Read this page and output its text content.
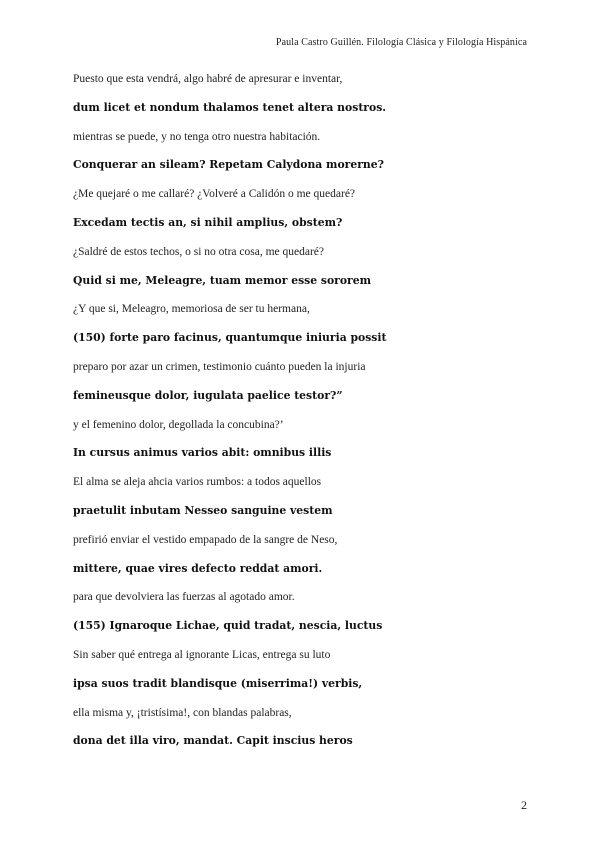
Paula Castro Guillén. Filología Clásica y Filología Hispánica
Puesto que esta vendrá, algo habré de apresurar e inventar,
dum licet et nondum thalamos tenet altera nostros.
mientras se puede, y no tenga otro nuestra habitación.
Conquerar an sileam? Repetam Calydona morerne?
¿Me quejaré o me callaré? ¿Volveré a Calidón o me quedaré?
Excedam tectis an, si nihil amplius, obstem?
¿Saldré de estos techos, o si no otra cosa, me quedaré?
Quid si me, Meleagre, tuam memor esse sororem
¿Y que si, Meleagro, memoriosa de ser tu hermana,
(150) forte paro facinus, quantumque iniuria possit
preparo por azar un crimen, testimonio cuánto pueden la injuria
femineusque dolor, iugulata paelice testor?”
y el femenino dolor, degollada la concubina?’
In cursus animus varios abit: omnibus illis
El alma se aleja ahcia varios rumbos: a todos aquellos
praetulit inbutam Nesseo sanguine vestem
prefirió enviar el vestido empapado de la sangre de Neso,
mittere, quae vires defecto reddat amori.
para que devolviera las fuerzas al agotado amor.
(155) Ignaroque Lichae, quid tradat, nescia, luctus
Sin saber qué entrega al ignorante Licas, entrega su luto
ipsa suos tradit blandisque (miserrima!) verbis,
ella misma y, ¡tristísima!, con blandas palabras,
dona det illa viro, mandat. Capit inscius heros
2
